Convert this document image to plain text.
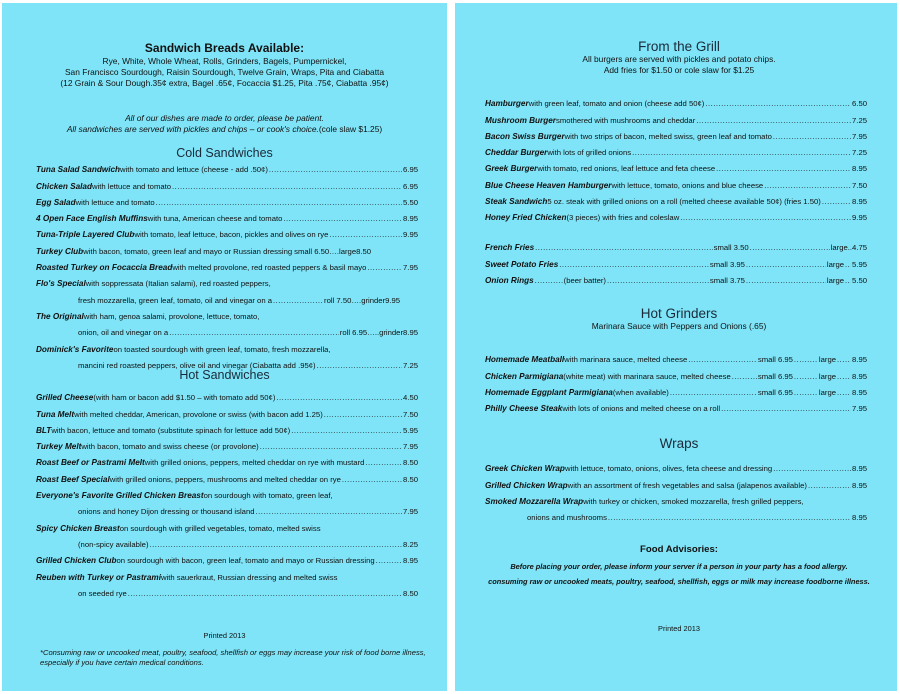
Sandwich Breads Available:
Rye, White, Whole Wheat, Rolls, Grinders, Bagels, Pumpernickel,
San Francisco Sourdough, Raisin Sourdough, Twelve Grain, Wraps, Pita and Ciabatta
(12 Grain & Sour Dough.35¢ extra, Bagel .65¢, Focaccia $1.25, Pita .75¢, Ciabatta .95¢)
All of our dishes are made to order, please be patient.
All sandwiches are served with pickles and chips – or cook's choice.(cole slaw $1.25)
Cold Sandwiches
Tuna Salad Sandwich with tomato and lettuce (cheese - add .50¢) .....	6.95
Chicken Salad with lettuce and tomato .....	6.95
Egg Salad with lettuce and tomato .....	5.50
4 Open Face English Muffins with tuna, American cheese and tomato .....	8.95
Tuna-Triple Layered Club with tomato, leaf lettuce, bacon, pickles and olives on rye .....	9.95
Turkey Club with bacon, tomato, green leaf and mayo or Russian dressing small 6.50….large 8.50
Roasted Turkey on Focaccia Bread with melted provolone, red roasted peppers & basil mayo .....	7.95
Flo's Special with soppressata (Italian salami), red roasted peppers,
fresh mozzarella, green leaf, tomato, oil and vinegar on a .....	roll 7.50….grinder 9.95
The Original with ham, genoa salami, provolone, lettuce, tomato,
onion, oil and vinegar on a .....	roll 6.95…..grinder 8.95
Dominick's Favorite on toasted sourdough with green leaf, tomato, fresh mozzarella,
mancini red roasted peppers, olive oil and vinegar (Ciabatta add .95¢) .....	7.25
Hot Sandwiches
Grilled Cheese (with ham or bacon add $1.50 – with tomato add 50¢) .....	4.50
Tuna Melt with melted cheddar, American, provolone or swiss (with bacon add 1.25) .....	7.50
BLT with bacon, lettuce and tomato (substitute spinach for lettuce add 50¢) .....	5.95
Turkey Melt with bacon, tomato and swiss cheese (or provolone) .....	7.95
Roast Beef or Pastrami Melt with grilled onions, peppers, melted cheddar on rye with mustard .....	8.50
Roast Beef Special with grilled onions, peppers, mushrooms and melted cheddar on rye .....	8.50
Everyone's Favorite Grilled Chicken Breast on sourdough with tomato, green leaf,
onions and honey Dijon dressing or thousand island .....	7.95
Spicy Chicken Breast on sourdough with grilled vegetables, tomato, melted swiss
(non-spicy available) .....	8.25
Grilled Chicken Club on sourdough with bacon, green leaf, tomato and mayo or Russian dressing .....	8.95
Reuben with Turkey or Pastrami with sauerkraut, Russian dressing and melted swiss
on seeded rye .....	8.50
Printed 2013
*Consuming raw or uncooked meat, poultry, seafood, shellfish or eggs may increase your risk of food borne illness,
especially if you have certain medical conditions.
From the Grill
All burgers are served with pickles and potato chips.
Add fries for $1.50 or cole slaw for $1.25
Hamburger with green leaf, tomato and onion (cheese add 50¢) .....	6.50
Mushroom Burger smothered with mushrooms and cheddar .....	7.25
Bacon Swiss Burger with two strips of bacon, melted swiss, green leaf and tomato .....	7.95
Cheddar Burger with lots of grilled onions .....	7.25
Greek Burger with tomato, red onions, leaf lettuce and feta cheese .....	8.95
Blue Cheese Heaven Hamburger with lettuce, tomato, onions and blue cheese .....	7.50
Steak Sandwich 5 oz. steak with grilled onions on a roll (melted cheese available 50¢) (fries 1.50) .....	8.95
Honey Fried Chicken (3 pieces) with fries and coleslaw .....	9.95
French Fries .....	small 3.50 .....	large.. 4.75
Sweet Potato Fries .....	small 3.95 .....	large ..... 5.95
Onion Rings .....	(beer batter) .....	small 3.75 .....	large ..... 5.50
Hot Grinders
Marinara Sauce with Peppers and Onions (.65)
Homemade Meatball with marinara sauce, melted cheese .....	small 6.95 .....	large ..... 8.95
Chicken Parmigiana (white meat) with marinara sauce, melted cheese .....	small 6.95 .....	large ..... 8.95
Homemade Eggplant Parmigiana (when available) .....	small 6.95 .....	large ..... 8.95
Philly Cheese Steak with lots of onions and melted cheese on a roll .....	7.95
Wraps
Greek Chicken Wrap with lettuce, tomato, onions, olives, feta cheese and dressing .....	8.95
Grilled Chicken Wrap with an assortment of fresh vegetables and salsa (jalapenos available) .....	8.95
Smoked Mozzarella Wrap with turkey or chicken, smoked mozzarella, fresh grilled peppers,
onions and mushrooms .....	8.95
Food Advisories:
Before placing your order, please inform your server if a person in your party has a food allergy.
consuming raw or uncooked meats, poultry, seafood, shellfish, eggs or milk may increase foodborne illness.
Printed 2013
